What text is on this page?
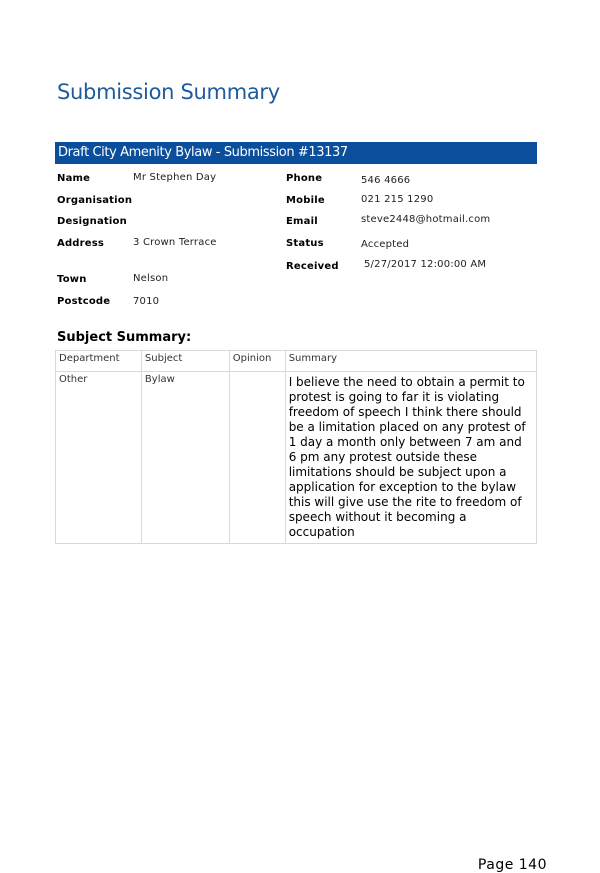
Submission Summary
Draft City Amenity Bylaw - Submission #13137
Name	Mr Stephen Day
Organisation
Designation
Address	3 Crown Terrace
Town	Nelson
Postcode 7010
Phone	546 4666
Mobile	021 215 1290
Email	steve2448@hotmail.com
Status	Accepted
Received	5/27/2017 12:00:00 AM
Subject Summary:
Department	Subject	Opinion	Summary
Other	Bylaw		I believe the need to obtain a permit to protest is going to far it is violating freedom of speech I think there should be a limitation placed on any protest of 1 day a month only between 7 am and 6 pm any protest outside these limitations should be subject upon a application for exception to the bylaw this will give use the rite to freedom of speech without it becoming a occupation
Page 140
